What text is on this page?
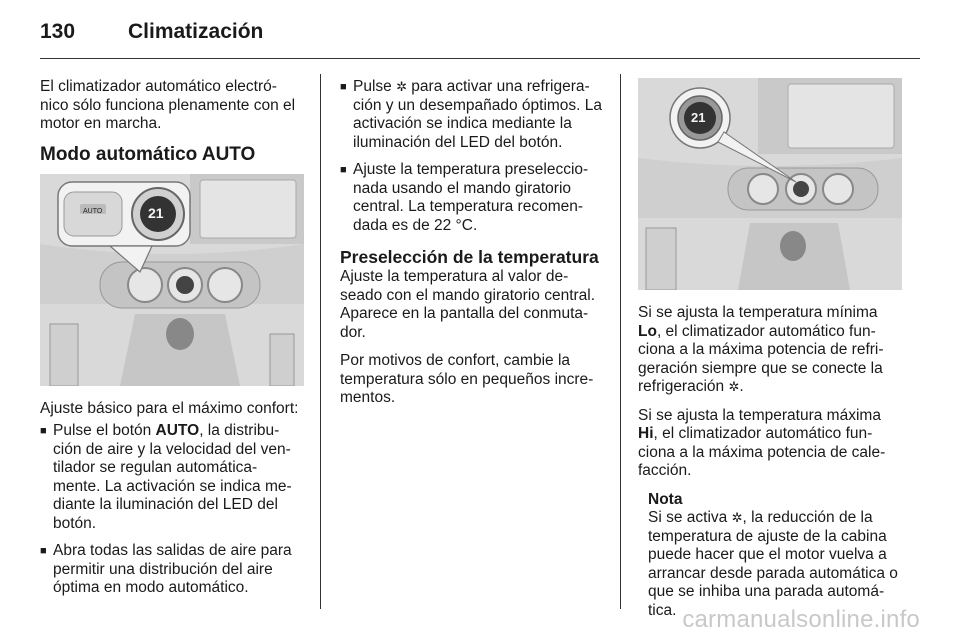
130	Climatización

El climatizador automático electró- nico sólo funciona plenamente con el motor en marcha.

Modo automático AUTO
AUTO	21

Ajuste básico para el máximo confort:

■ Pulse el botón AUTO, la distribu- ción de aire y la velocidad del ven- tilador se regulan automática- mente. La activación se indica me- diante la iluminación del LED del botón.
■ Abra todas las salidas de aire para permitir una distribución del aire óptima en modo automático.
■ Pulse ✲ para activar una refrigera- ción y un desempañado óptimos. La activación se indica mediante la iluminación del LED del botón.
■ Ajuste la temperatura preseleccio- nada usando el mando giratorio central. La temperatura recomen- dada es de 22 °C.
Preselección de la temperatura

Ajuste la temperatura al valor de- seado con el mando giratorio central. Aparece en la pantalla del conmuta- dor.

Por motivos de confort, cambie la temperatura sólo en pequeños incre- mentos.

21

Si se ajusta la temperatura mínima Lo, el climatizador automático fun- ciona a la máxima potencia de refri- geración siempre que se conecte la refrigeración ✲.

Si se ajusta la temperatura máxima Hi, el climatizador automático fun- ciona a la máxima potencia de cale- facción.

Nota
Si se activa ✲, la reducción de la temperatura de ajuste de la cabina puede hacer que el motor vuelva a arrancar desde parada automática o que se inhiba una parada automá- tica. carmanualsonline.info
